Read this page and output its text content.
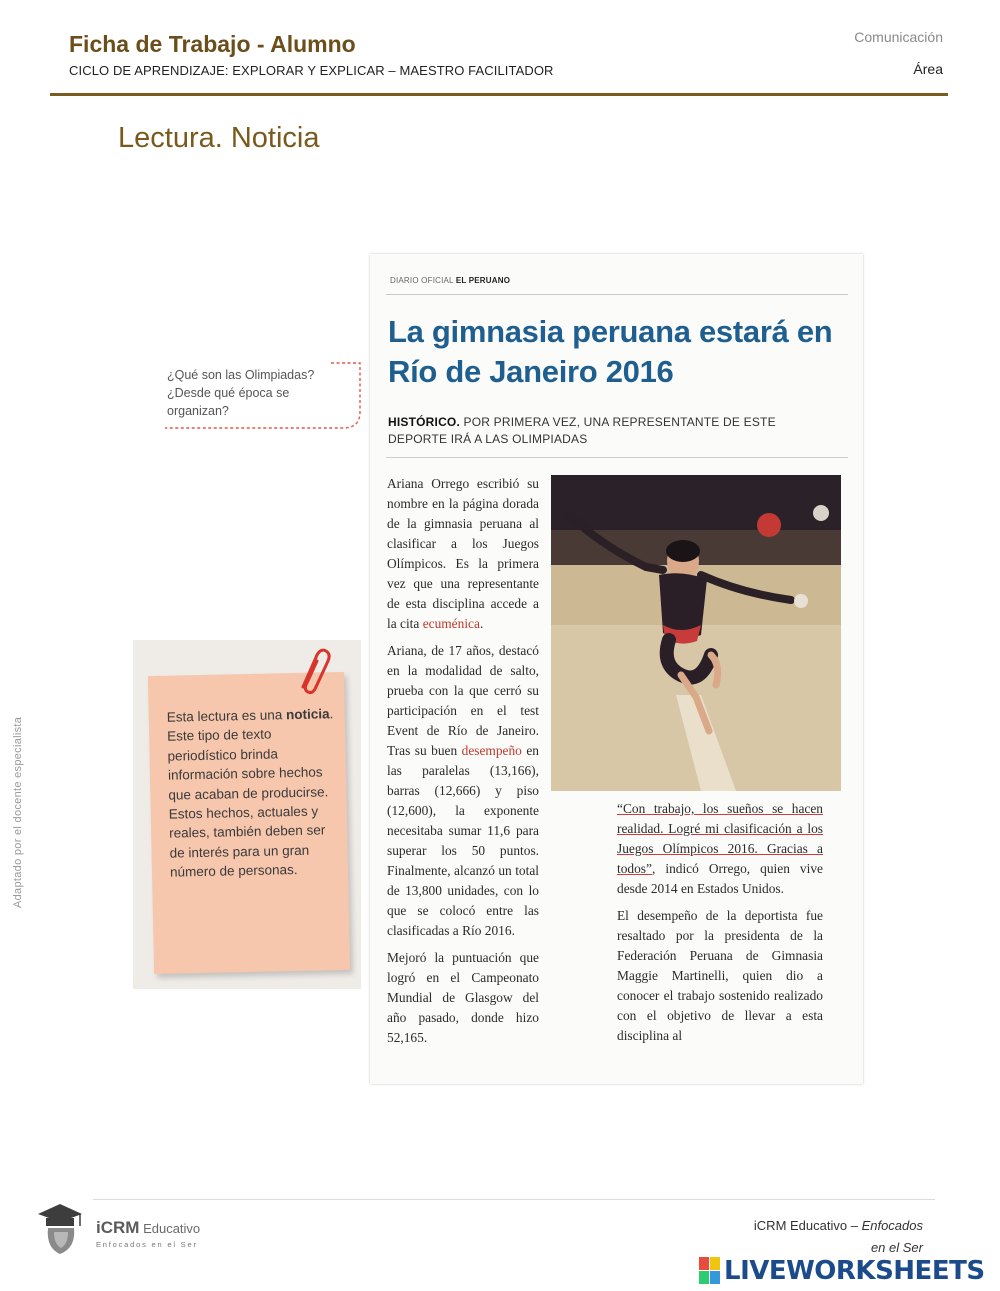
Ficha de Trabajo - Alumno
CICLO DE APRENDIZAJE: EXPLORAR Y EXPLICAR – MAESTRO FACILITADOR
Comunicación
Área
Lectura. Noticia
¿Qué son las Olimpiadas? ¿Desde qué época se organizan?
Esta lectura es una noticia. Este tipo de texto periodístico brinda información sobre hechos que acaban de producirse. Estos hechos, actuales y reales, también deben ser de interés para un gran número de personas.
Adaptado por el docente especialista
DIARIO OFICIAL EL PERUANO
La gimnasia peruana estará en Río de Janeiro 2016
HISTÓRICO. POR PRIMERA VEZ, UNA REPRESENTANTE DE ESTE DEPORTE IRÁ A LAS OLIMPIADAS

Ariana Orrego escribió su nombre en la página dorada de la gimnasia peruana al clasificar a los Juegos Olímpicos. Es la primera vez que una representante de esta disciplina accede a la cita ecuménica.

Ariana, de 17 años, destacó en la modalidad de salto, prueba con la que cerró su participación en el test Event de Río de Janeiro. Tras su buen desempeño en las paralelas (13,166), barras (12,666) y piso (12,600), la exponente necesitaba sumar 11,6 para superar los 50 puntos. Finalmente, alcanzó un total de 13,800 unidades, con lo que se colocó entre las clasificadas a Río 2016.

Mejoró la puntuación que logró en el Campeonato Mundial de Glasgow del año pasado, donde hizo 52,165.

“Con trabajo, los sueños se hacen realidad. Logré mi clasificación a los Juegos Olímpicos 2016. Gracias a todos”, indicó Orrego, quien vive desde 2014 en Estados Unidos.

El desempeño de la deportista fue resaltado por la presidenta de la Federación Peruana de Gimnasia Maggie Martinelli, quien dio a conocer el trabajo sostenido realizado con el objetivo de llevar a esta disciplina al

iCRM Educativo
Enfocados en el Ser
iCRM Educativo – Enfocados
en el Ser
LIVEWORKSHEETS
